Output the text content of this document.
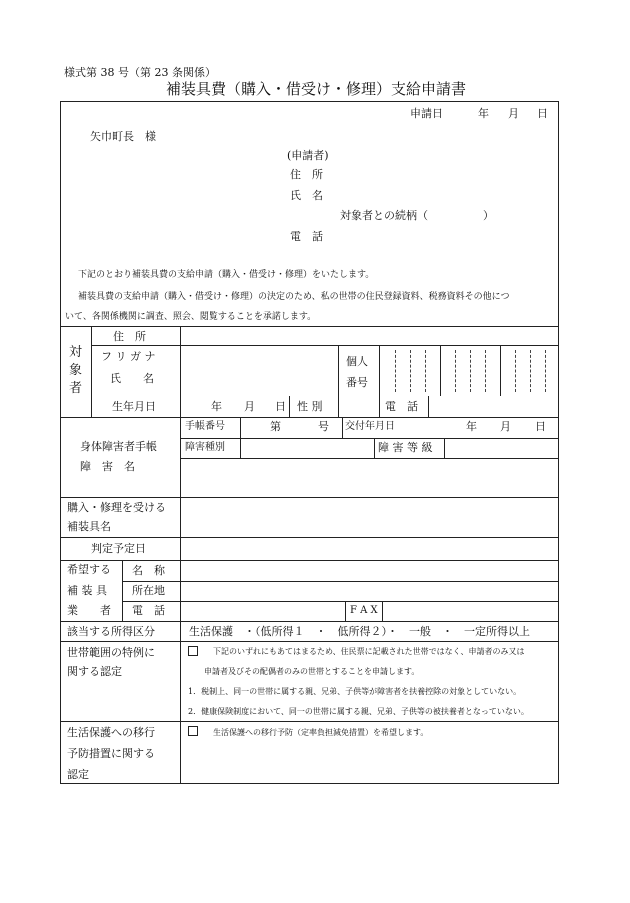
様式第 38 号（第 23 条関係）
補装具費（購入・借受け・修理）支給申請書
申請日	年 月 日
矢巾町長　様
(申請者)
住　所
氏　名
対象者との続柄（　　　　　）
電　話
下記のとおり補装具費の支給申請（購入・借受け・修理）をいたします。
補装具費の支給申請（購入・借受け・修理）の決定のため、私の世帯の住民登録資料、税務資料その他につ
いて、各関係機関に調査、照会、閲覧することを承諾します。
対
象
者
住　所
フ リ ガ ナ
氏　　名
個人
番号
生年月日	年 月 日 性 別	電　話
身体障害者手帳
障　害　名
手帳番号	第	号 交付年月日	年 月 日
障害種別	障 害 等 級
購入・修理を受ける
補装具名
判定予定日
希望する
補 装 具
業　　者
名　称
所在地
電　話	F A X
該当する所得区分	生活保護　・（低所得１　・　低所得２）・　一般　・　一定所得以上
世帯範囲の特例に
関する認定
下記のいずれにもあてはまるため、住民票に記載された世帯ではなく、申請者のみ又は
申請者及びその配偶者のみの世帯とすることを申請します。
1．税制上、同一の世帯に属する親、兄弟、子供等が障害者を扶養控除の対象としていない。
2．健康保険制度において、同一の世帯に属する親、兄弟、子供等の被扶養者となっていない。
生活保護への移行
予防措置に関する
認定
生活保護への移行予防（定率負担減免措置）を希望します。
